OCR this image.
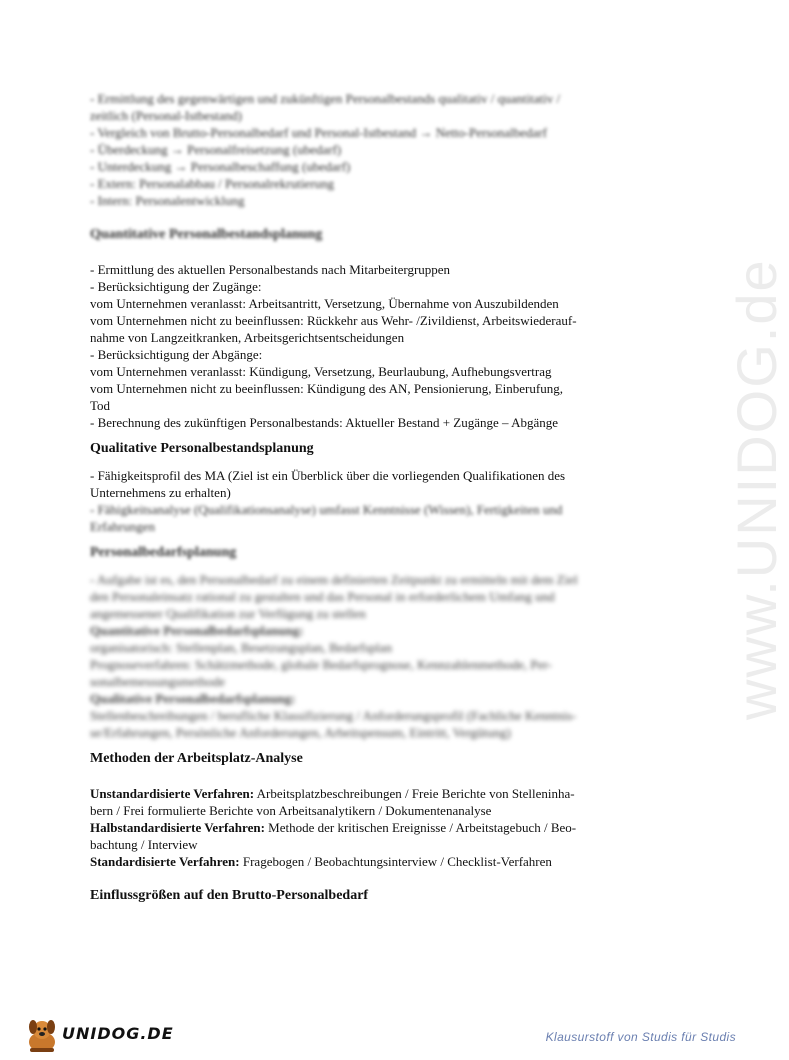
www.UNIDOG.de
- Ermittlung des gegenwärtigen und zukünftigen Personalbestands qualitativ / quantitativ /
zeitlich (Personal-Istbestand)
- Vergleich von Brutto-Personalbedarf und Personal-Istbestand → Netto-Personalbedarf
- Überdeckung → Personalfreisetzung (ubedarf)
- Unterdeckung → Personalbeschaffung (ubedarf)
- Extern: Personalabbau / Personalrekrutierung
- Intern: Personalentwicklung
Quantitative Personalbestandsplanung
- Ermittlung des aktuellen Personalbestands nach Mitarbeitergruppen
- Berücksichtigung der Zugänge:
vom Unternehmen veranlasst: Arbeitsantritt, Versetzung, Übernahme von Auszubildenden
vom Unternehmen nicht zu beeinflussen: Rückkehr aus Wehr- /Zivildienst, Arbeitswiederauf-
nahme von Langzeitkranken, Arbeitsgerichtsentscheidungen
- Berücksichtigung der Abgänge:
vom Unternehmen veranlasst: Kündigung, Versetzung, Beurlaubung, Aufhebungsvertrag
vom Unternehmen nicht zu beeinflussen: Kündigung des AN, Pensionierung, Einberufung,
Tod
- Berechnung des zukünftigen Personalbestands: Aktueller Bestand + Zugänge – Abgänge
Qualitative Personalbestandsplanung
- Fähigkeitsprofil des MA (Ziel ist ein Überblick über die vorliegenden Qualifikationen des
Unternehmens zu erhalten)
- Fähigkeitsanalyse (Qualifikationsanalyse) umfasst Kenntnisse (Wissen), Fertigkeiten und
Erfahrungen
Personalbedarfsplanung
- Aufgabe ist es, den Personalbedarf zu einem definierten Zeitpunkt zu ermitteln mit dem Ziel
den Personaleinsatz rational zu gestalten und das Personal in erforderlichem Umfang und
angemessener Qualifikation zur Verfügung zu stellen
Quantitative Personalbedarfsplanung:
organisatorisch: Stellenplan, Besetzungsplan, Bedarfsplan
Prognoseverfahren: Schätzmethode, globale Bedarfsprognose, Kennzahlenmethode, Per-
sonalbemessungsmethode
Qualitative Personalbedarfsplanung:
Stellenbeschreibungen / berufliche Klassifizierung / Anforderungsprofil (Fachliche Kenntnis-
se/Erfahrungen, Persönliche Anforderungen, Arbeitspensum, Eintritt, Vergütung)
Methoden der Arbeitsplatz-Analyse
Unstandardisierte Verfahren: Arbeitsplatzbeschreibungen / Freie Berichte von Stelleninha-
bern / Frei formulierte Berichte von Arbeitsanalytikern / Dokumentenanalyse
Halbstandardisierte Verfahren: Methode der kritischen Ereignisse / Arbeitstagebuch / Beo-
bachtung / Interview
Standardisierte Verfahren: Fragebogen / Beobachtungsinterview / Checklist-Verfahren
Einflussgrößen auf den Brutto-Personalbedarf
UNIDOG.DE	Klausurstoff von Studis für Studis
